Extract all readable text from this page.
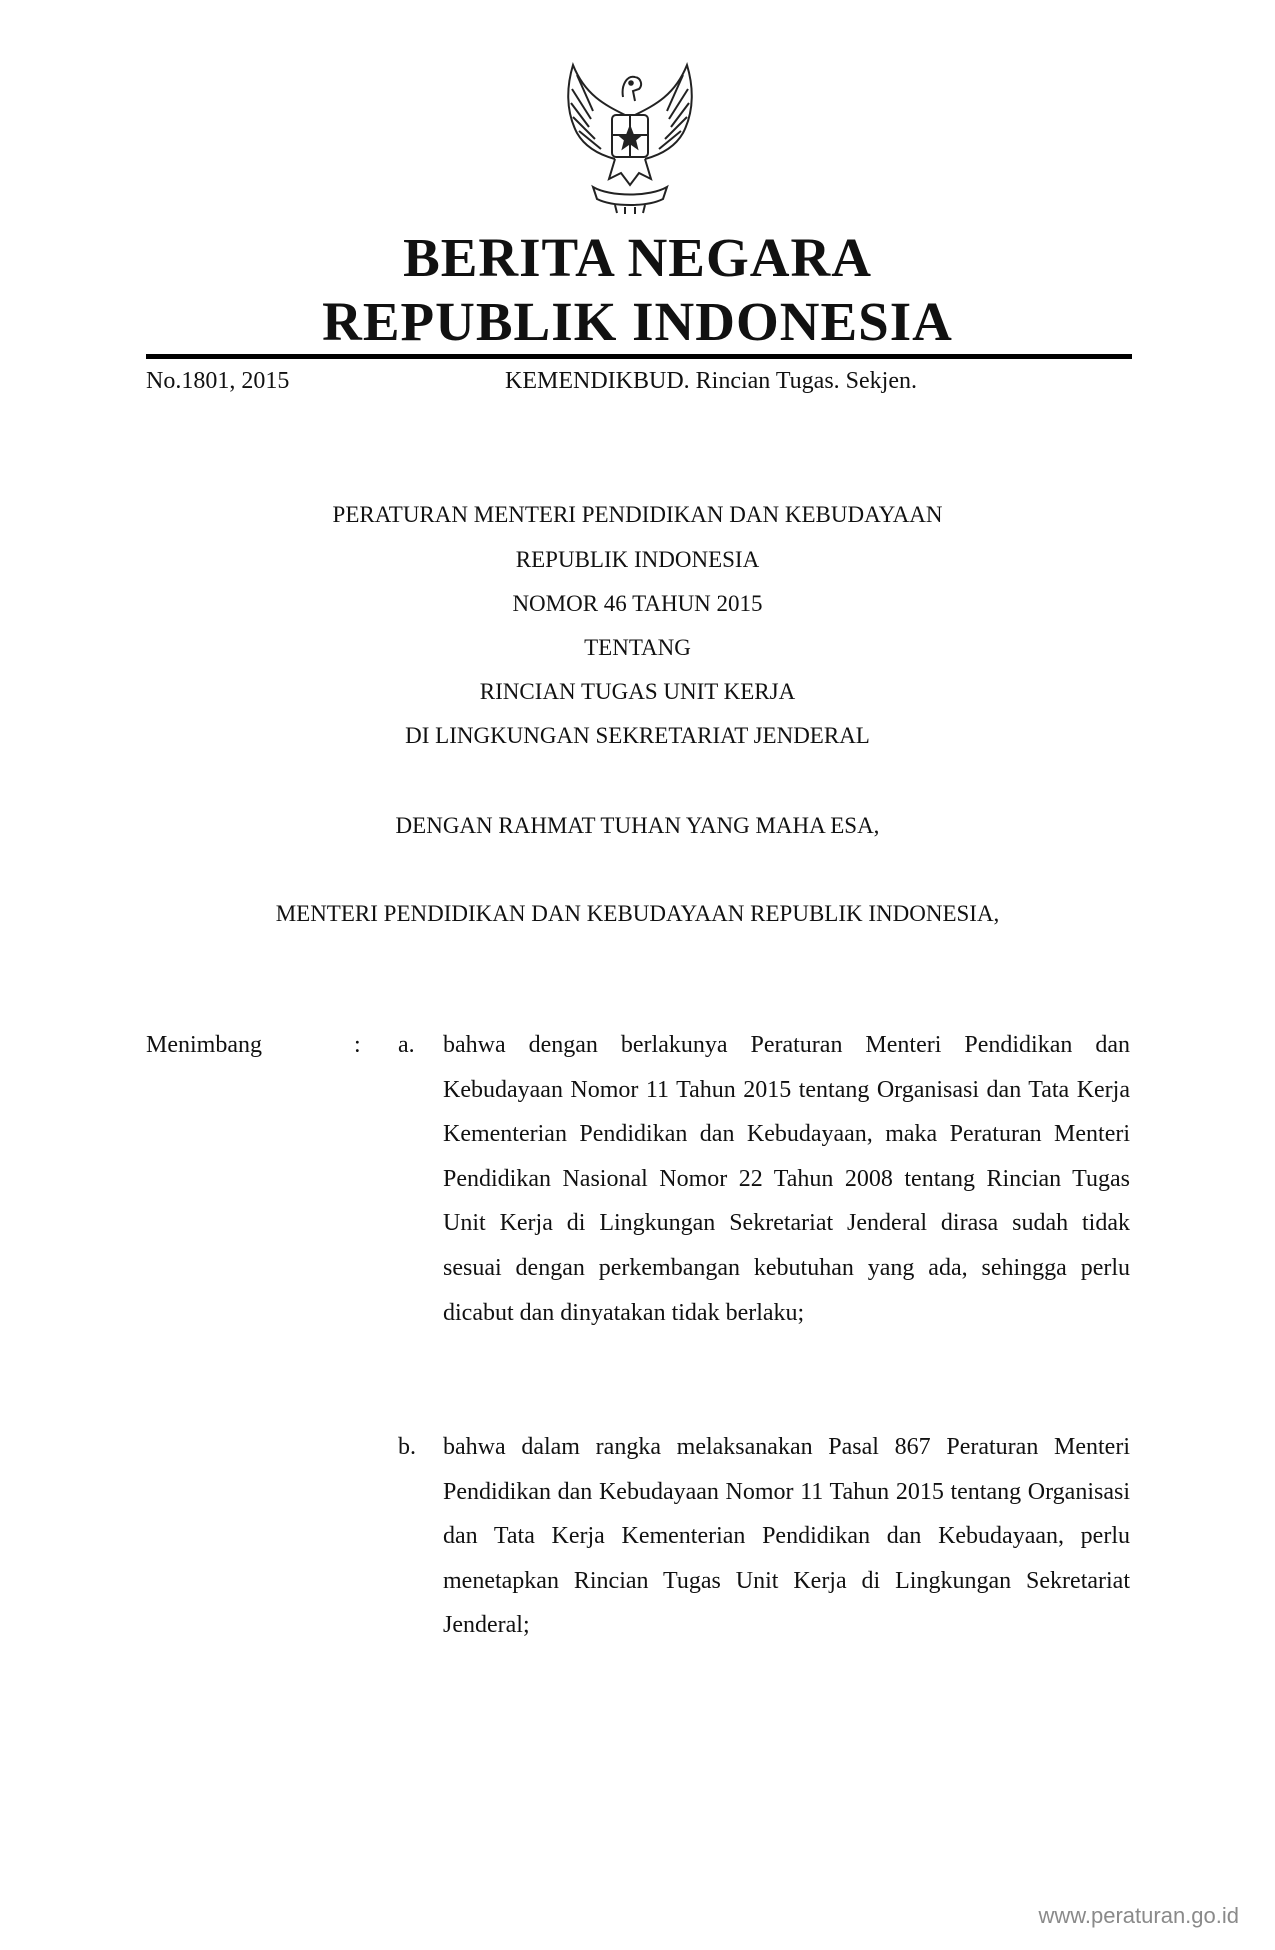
BERITA NEGARA
REPUBLIK INDONESIA
No.1801, 2015	KEMENDIKBUD. Rincian Tugas. Sekjen.
PERATURAN MENTERI PENDIDIKAN DAN KEBUDAYAAN
REPUBLIK INDONESIA
NOMOR 46 TAHUN 2015
TENTANG
RINCIAN TUGAS UNIT KERJA
DI LINGKUNGAN SEKRETARIAT JENDERAL
DENGAN RAHMAT TUHAN YANG MAHA ESA,
MENTERI PENDIDIKAN DAN KEBUDAYAAN REPUBLIK INDONESIA,
Menimbang	: a. bahwa dengan berlakunya Peraturan Menteri Pendidikan dan Kebudayaan Nomor 11 Tahun 2015 tentang Organisasi dan Tata Kerja Kementerian Pendidikan dan Kebudayaan, maka Peraturan Menteri Pendidikan Nasional Nomor 22 Tahun 2008 tentang Rincian Tugas Unit Kerja di Lingkungan Sekretariat Jenderal dirasa sudah tidak sesuai dengan perkembangan kebutuhan yang ada, sehingga perlu dicabut dan dinyatakan tidak berlaku;
b. bahwa dalam rangka melaksanakan Pasal 867 Peraturan Menteri Pendidikan dan Kebudayaan Nomor 11 Tahun 2015 tentang Organisasi dan Tata Kerja Kementerian Pendidikan dan Kebudayaan, perlu menetapkan Rincian Tugas Unit Kerja di Lingkungan Sekretariat Jenderal;
www.peraturan.go.id
